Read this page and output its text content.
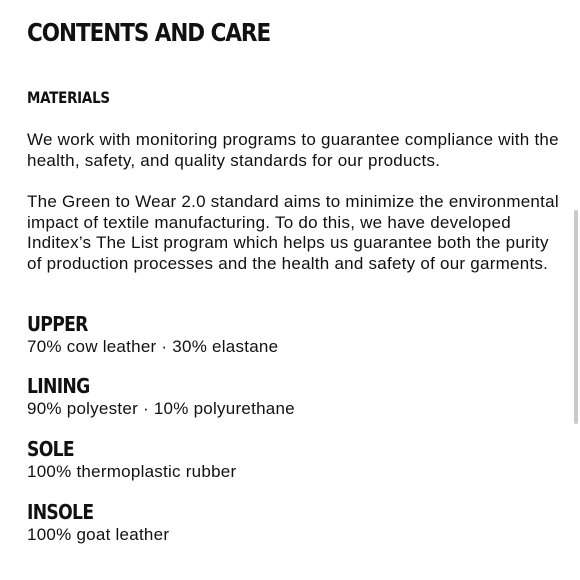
CONTENTS AND CARE
MATERIALS

We work with monitoring programs to guarantee compliance with the health, safety, and quality standards for our products.

The Green to Wear 2.0 standard aims to minimize the environmental impact of textile manufacturing. To do this, we have developed Inditex’s The List program which helps us guarantee both the purity of production processes and the health and safety of our garments.

UPPER

70% cow leather · 30% elastane

LINING

90% polyester · 10% polyurethane

SOLE

100% thermoplastic rubber

INSOLE

100% goat leather
